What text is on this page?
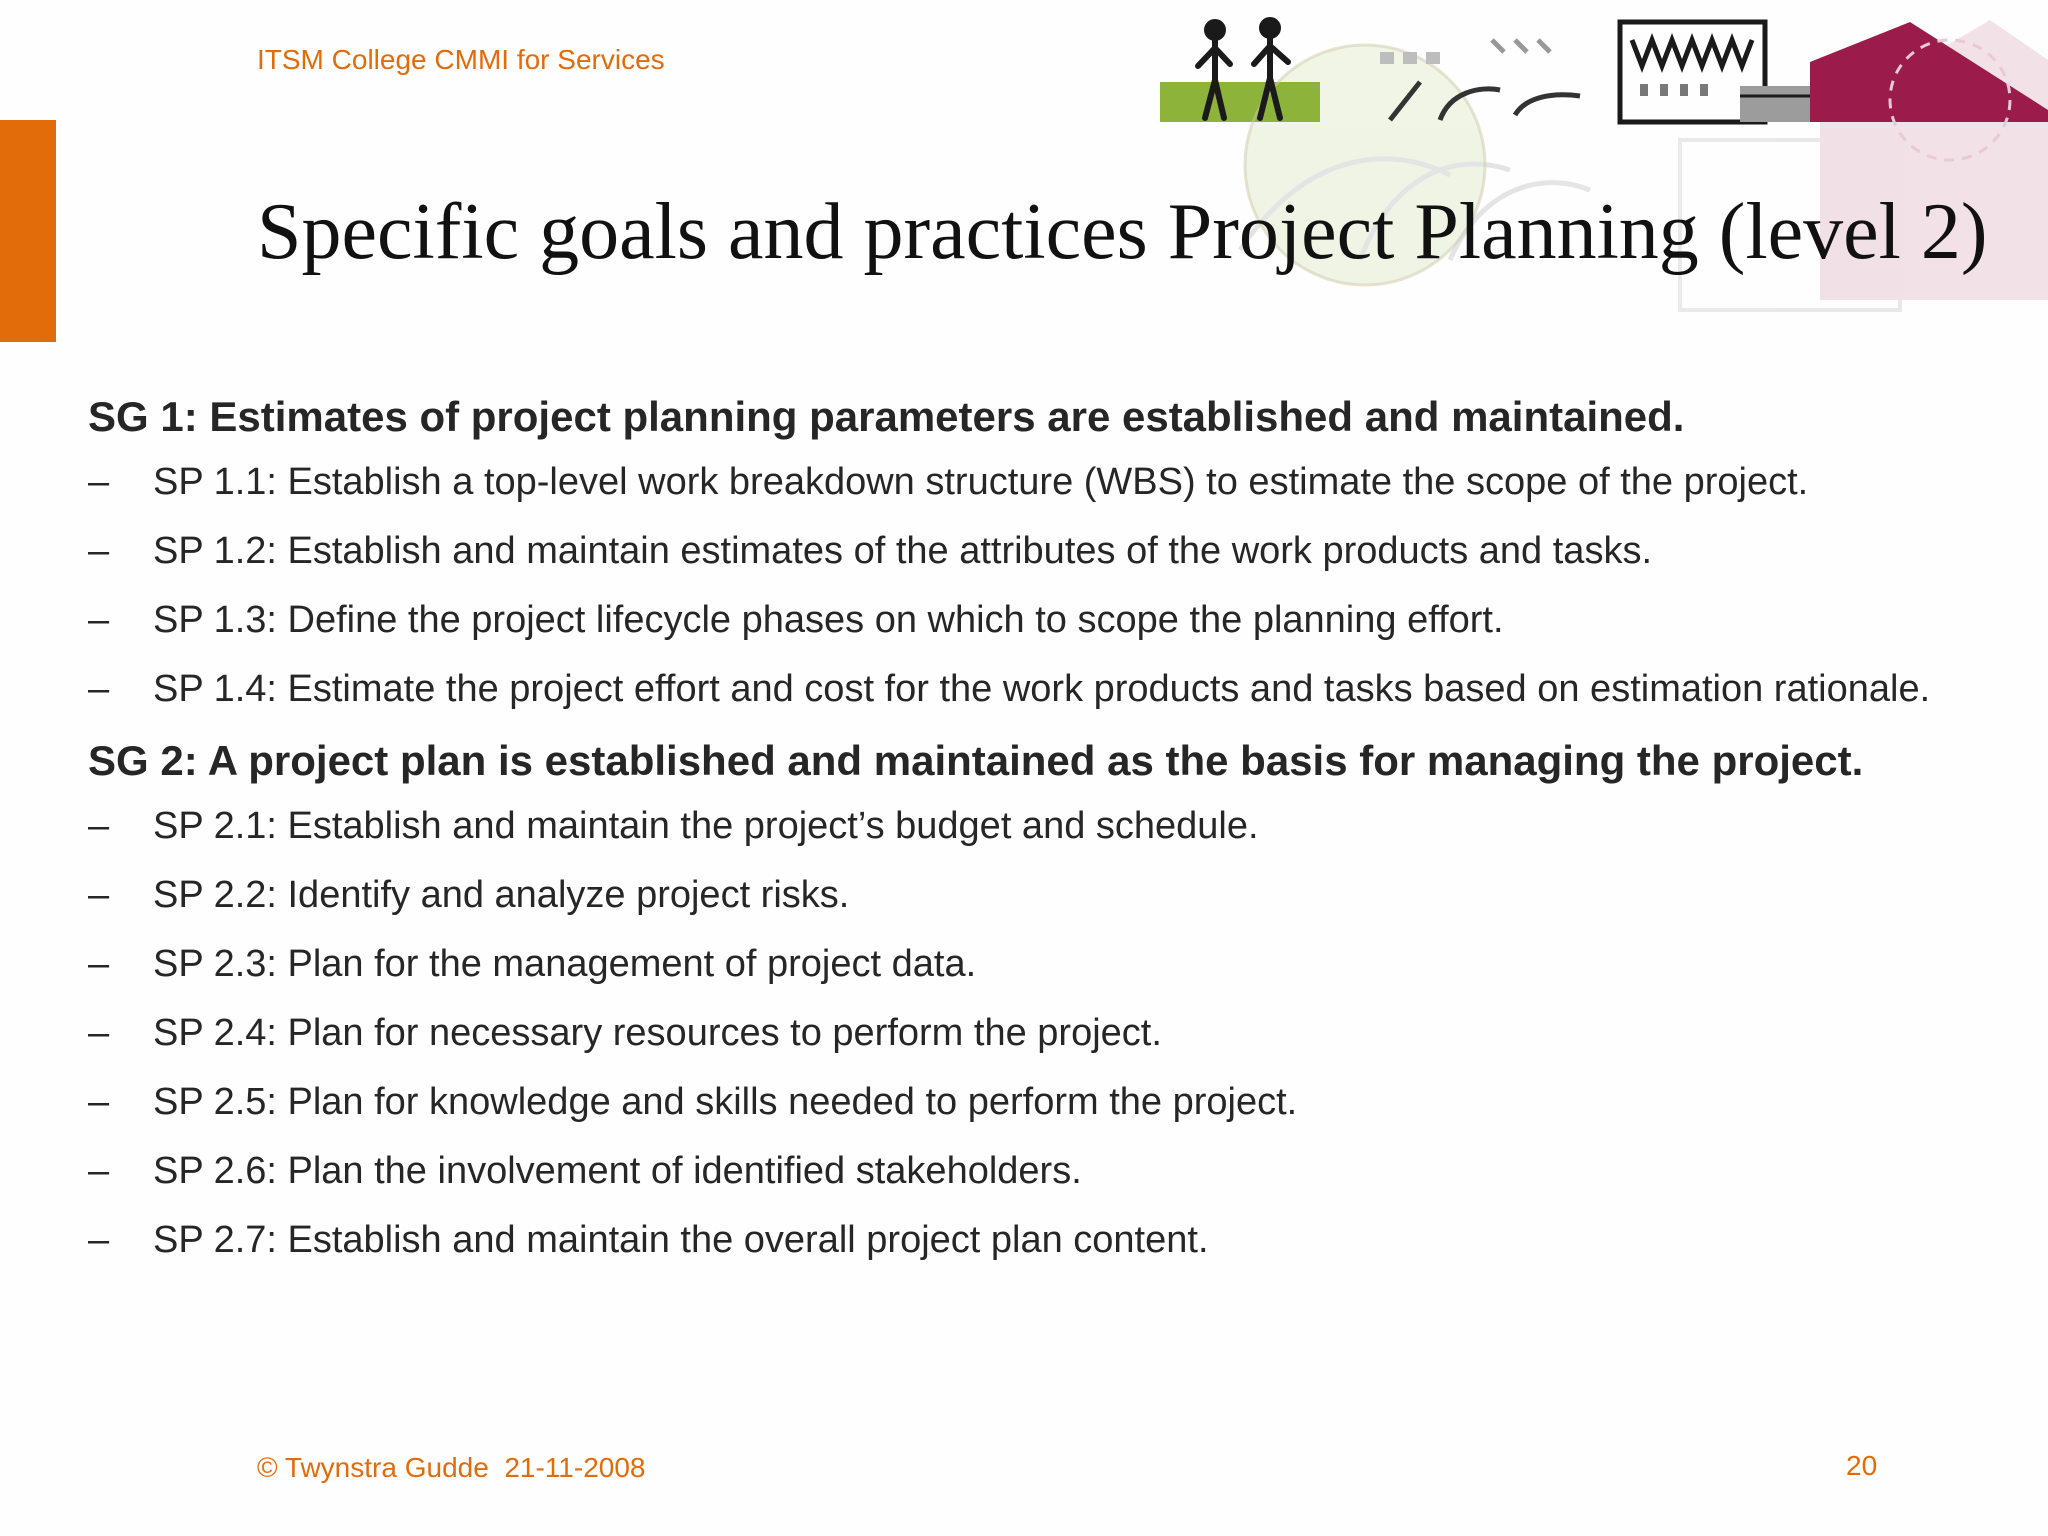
ITSM College CMMI for Services
Specific goals and practices Project Planning (level 2)
SG 1: Estimates of project planning parameters are established and maintained.
– SP 1.1: Establish a top-level work breakdown structure (WBS) to estimate the scope of the project.
– SP 1.2: Establish and maintain estimates of the attributes of the work products and tasks.
– SP 1.3: Define the project lifecycle phases on which to scope the planning effort.
– SP 1.4: Estimate the project effort and cost for the work products and tasks based on estimation rationale.
SG 2: A project plan is established and maintained as the basis for managing the project.
– SP 2.1: Establish and maintain the project’s budget and schedule.
– SP 2.2: Identify and analyze project risks.
– SP 2.3: Plan for the management of project data.
– SP 2.4: Plan for necessary resources to perform the project.
– SP 2.5: Plan for knowledge and skills needed to perform the project.
– SP 2.6: Plan the involvement of identified stakeholders.
– SP 2.7: Establish and maintain the overall project plan content.
© Twynstra Gudde  21-11-2008	20
